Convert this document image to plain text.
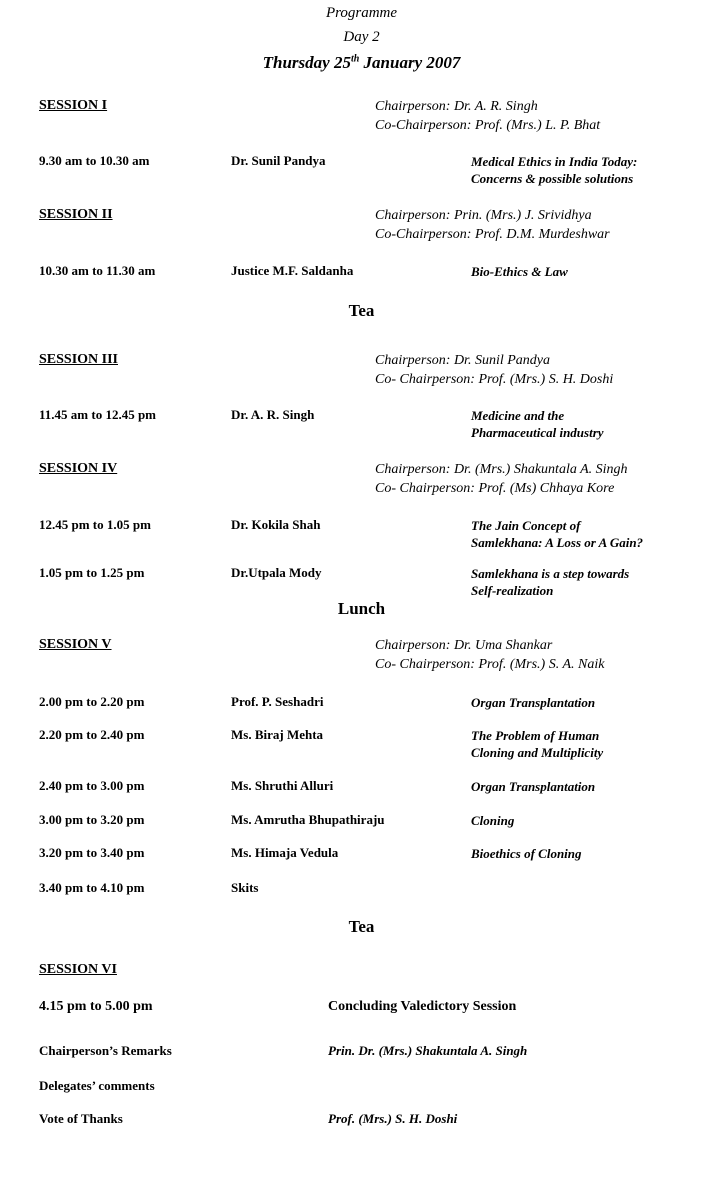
Programme
Day 2
Thursday 25th January 2007
SESSION I	Chairperson: Dr. A. R. Singh
Co-Chairperson: Prof. (Mrs.) L. P. Bhat
9.30 am to 10.30 am	Dr. Sunil Pandya	Medical Ethics in India Today:
Concerns & possible solutions
SESSION II	Chairperson: Prin. (Mrs.) J. Srividhya
Co-Chairperson: Prof. D.M. Murdeshwar
10.30 am to 11.30 am	Justice M.F. Saldanha	Bio-Ethics & Law
Tea
SESSION III	Chairperson: Dr. Sunil Pandya
Co- Chairperson: Prof. (Mrs.) S. H. Doshi
11.45 am to 12.45 pm	Dr. A. R. Singh	Medicine and the
Pharmaceutical industry
SESSION IV	Chairperson: Dr. (Mrs.) Shakuntala A. Singh
Co- Chairperson: Prof. (Ms) Chhaya Kore
12.45 pm to 1.05 pm	Dr. Kokila Shah	The Jain Concept of
Samlekhana: A Loss or A Gain?
1.05 pm to 1.25 pm	Dr.Utpala Mody	Samlekhana is a step towards
Self-realization
Lunch
SESSION V	Chairperson: Dr. Uma Shankar
Co- Chairperson: Prof. (Mrs.) S. A. Naik
2.00 pm to 2.20 pm	Prof. P. Seshadri	Organ Transplantation
2.20 pm to 2.40 pm	Ms. Biraj Mehta	The Problem of Human
Cloning and Multiplicity
2.40 pm to 3.00 pm	Ms. Shruthi Alluri	Organ Transplantation
3.00 pm to 3.20 pm	Ms. Amrutha Bhupathiraju	Cloning
3.20 pm to 3.40 pm	Ms. Himaja Vedula	Bioethics of Cloning
3.40 pm to 4.10 pm	Skits
Tea
SESSION VI
4.15 pm to 5.00 pm	Concluding Valedictory Session
Chairperson’s Remarks	Prin. Dr. (Mrs.) Shakuntala A. Singh
Delegates’ comments
Vote of Thanks	Prof. (Mrs.) S. H. Doshi
